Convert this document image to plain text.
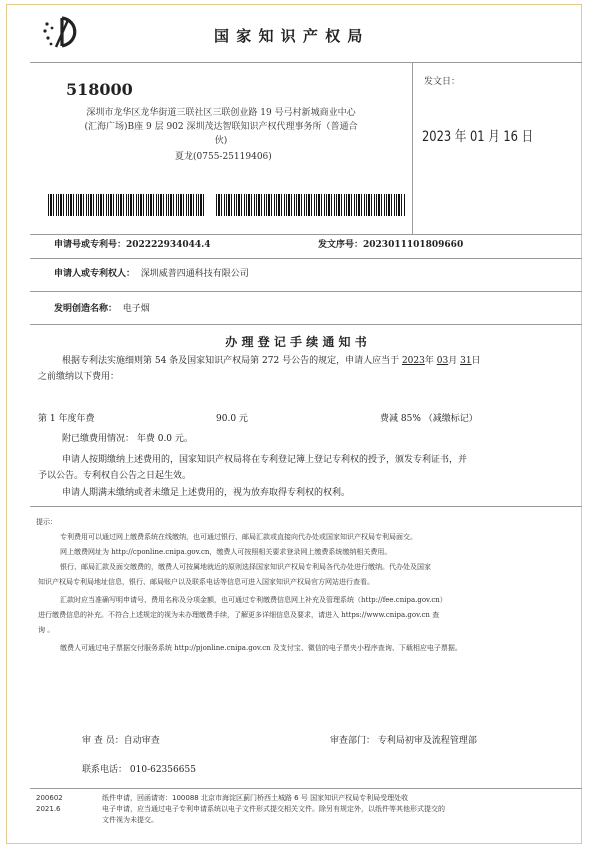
国 家 知 识 产 权 局
518000
深圳市龙华区龙华街道三联社区三联创业路 19 号弓村新城商业中心
(汇海广场)B座 9 层 902 深圳茂达智联知识产权代理事务所（普通合
伙)
夏龙(0755-25119406)
发文日：
2023 年 01 月 16 日
申请号或专利号：202222934044.4	发文序号：2023011101809660
申请人或专利权人： 深圳威普四通科技有限公司
发明创造名称： 电子烟
办 理 登 记 手 续 通 知 书
根据专利法实施细则第 54 条及国家知识产权局第 272 号公告的规定，申请人应当于 2023年 03月 31日
之前缴纳以下费用：
第 1 年度年费	90.0 元	费减 85% （减缴标记）
附已缴费用情况： 年费 0.0 元。
申请人按期缴纳上述费用的，国家知识产权局将在专利登记簿上登记专利权的授予，颁发专利证书，并
予以公告。专利权自公告之日起生效。
申请人期满未缴纳或者未缴足上述费用的，视为放弃取得专利权的权利。
提示：
专利费用可以通过网上缴费系统在线缴纳，也可通过银行、邮局汇款或直接向代办处或国家知识产权局专利局面交。
网上缴费网址为 http://cponline.cnipa.gov.cn，缴费人可按照相关要求登录网上缴费系统缴纳相关费用。
银行、邮局汇款及面交缴费的，缴费人可按属地就近的原则选择国家知识产权局专利局各代办处进行缴纳。代办处及国家
知识产权局专利局地址信息，银行、邮局账户以及联系电话等信息可进入国家知识产权局官方网站进行查看。
汇款时应当准确写明申请号、费用名称及分项金额，也可通过专利缴费信息网上补充及管理系统（http://fee.cnipa.gov.cn）
进行缴费信息的补充。不符合上述规定的视为未办理缴费手续，了解更多详细信息及要求，请进入 https://www.cnipa.gov.cn 查
询 。
缴费人可通过电子票据交付服务系统 http://pjonline.cnipa.gov.cn 及支付宝、微信的电子票夹小程序查询、下载相应电子票据。
审 查 员：自动审查	审查部门： 专利局初审及流程管理部
联系电话： 010-62356655
200602
2021.6
纸件申请，回函请寄：100088 北京市海淀区蓟门桥西土城路 6 号 国家知识产权局专利局受理处收
电子申请，应当通过电子专利申请系统以电子文件形式提交相关文件。除另有规定外，以纸件等其他形式提交的
文件视为未提交。
